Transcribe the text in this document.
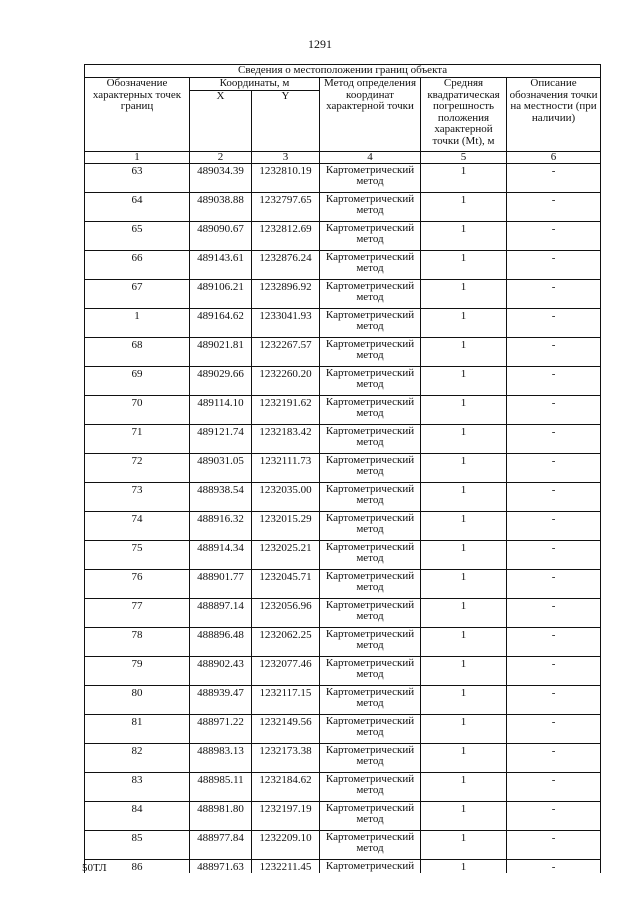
1291
Сведения о местоположении границ объекта					
Обозначение характерных точек границ	Координаты, м		Метод определения координат характерной точки	Средняя квадратическая погрешность положения характерной точки (Mt), м	Описание обозначения точки на местности (при наличии)
	X	Y			
1	2	3	4	5	6
63	489034.39	1232810.19	Картометрический метод	1	-
64	489038.88	1232797.65	Картометрический метод	1	-
65	489090.67	1232812.69	Картометрический метод	1	-
66	489143.61	1232876.24	Картометрический метод	1	-
67	489106.21	1232896.92	Картометрический метод	1	-
1	489164.62	1233041.93	Картометрический метод	1	-
68	489021.81	1232267.57	Картометрический метод	1	-
69	489029.66	1232260.20	Картометрический метод	1	-
70	489114.10	1232191.62	Картометрический метод	1	-
71	489121.74	1232183.42	Картометрический метод	1	-
72	489031.05	1232111.73	Картометрический метод	1	-
73	488938.54	1232035.00	Картометрический метод	1	-
74	488916.32	1232015.29	Картометрический метод	1	-
75	488914.34	1232025.21	Картометрический метод	1	-
76	488901.77	1232045.71	Картометрический метод	1	-
77	488897.14	1232056.96	Картометрический метод	1	-
78	488896.48	1232062.25	Картометрический метод	1	-
79	488902.43	1232077.46	Картометрический метод	1	-
80	488939.47	1232117.15	Картометрический метод	1	-
81	488971.22	1232149.56	Картометрический метод	1	-
82	488983.13	1232173.38	Картометрический метод	1	-
83	488985.11	1232184.62	Картометрический метод	1	-
84	488981.80	1232197.19	Картометрический метод	1	-
85	488977.84	1232209.10	Картометрический метод	1	-
86	488971.63	1232211.45	Картометрический	1	-
50ТЛ
